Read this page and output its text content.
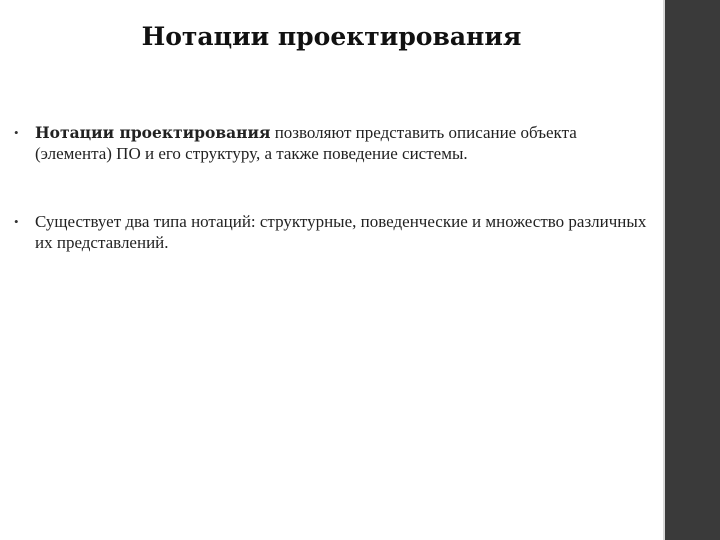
Нотации проектирования
• Нотации проектирования позволяют представить описание объекта (элемента) ПО и его структуру, а также поведение системы.
• Существует два типа нотаций: структурные, поведенческие и множество различных их представлений.
